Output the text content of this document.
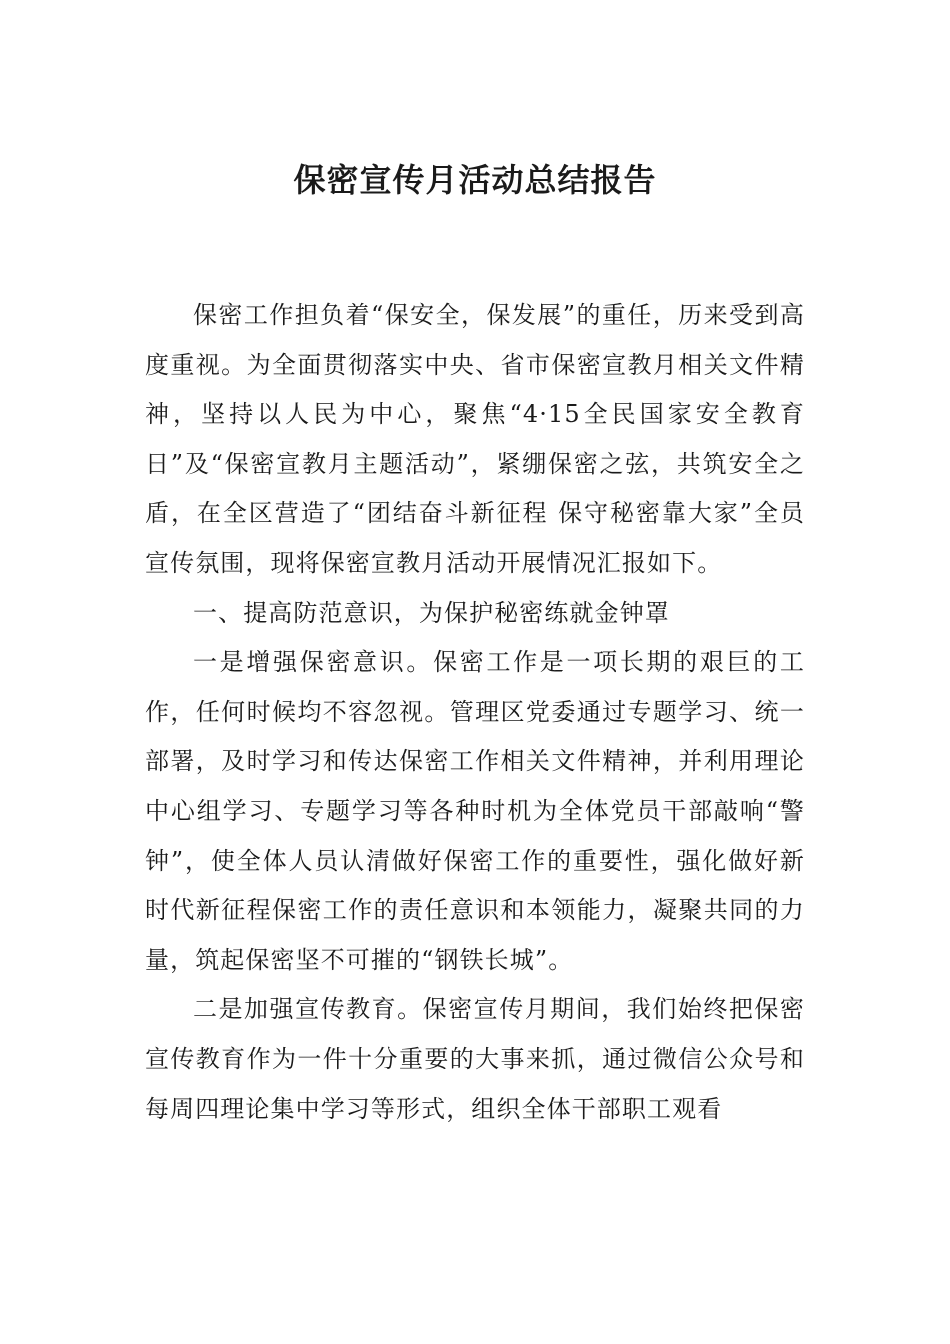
保密宣传月活动总结报告

保密工作担负着“保安全，保发展”的重任，历来受到高度重视。为全面贯彻落实中央、省市保密宣教月相关文件精神，坚持以人民为中心，聚焦“4·15全民国家安全教育日”及“保密宣教月主题活动”，紧绷保密之弦，共筑安全之盾，在全区营造了“团结奋斗新征程 保守秘密靠大家”全员宣传氛围，现将保密宣教月活动开展情况汇报如下。

一、提高防范意识，为保护秘密练就金钟罩

一是增强保密意识。保密工作是一项长期的艰巨的工作，任何时候均不容忽视。管理区党委通过专题学习、统一部署，及时学习和传达保密工作相关文件精神，并利用理论中心组学习、专题学习等各种时机为全体党员干部敲响“警钟”，使全体人员认清做好保密工作的重要性，强化做好新时代新征程保密工作的责任意识和本领能力，凝聚共同的力量，筑起保密坚不可摧的“钢铁长城”。

二是加强宣传教育。保密宣传月期间，我们始终把保密宣传教育作为一件十分重要的大事来抓，通过微信公众号和每周四理论集中学习等形式，组织全体干部职工观看
